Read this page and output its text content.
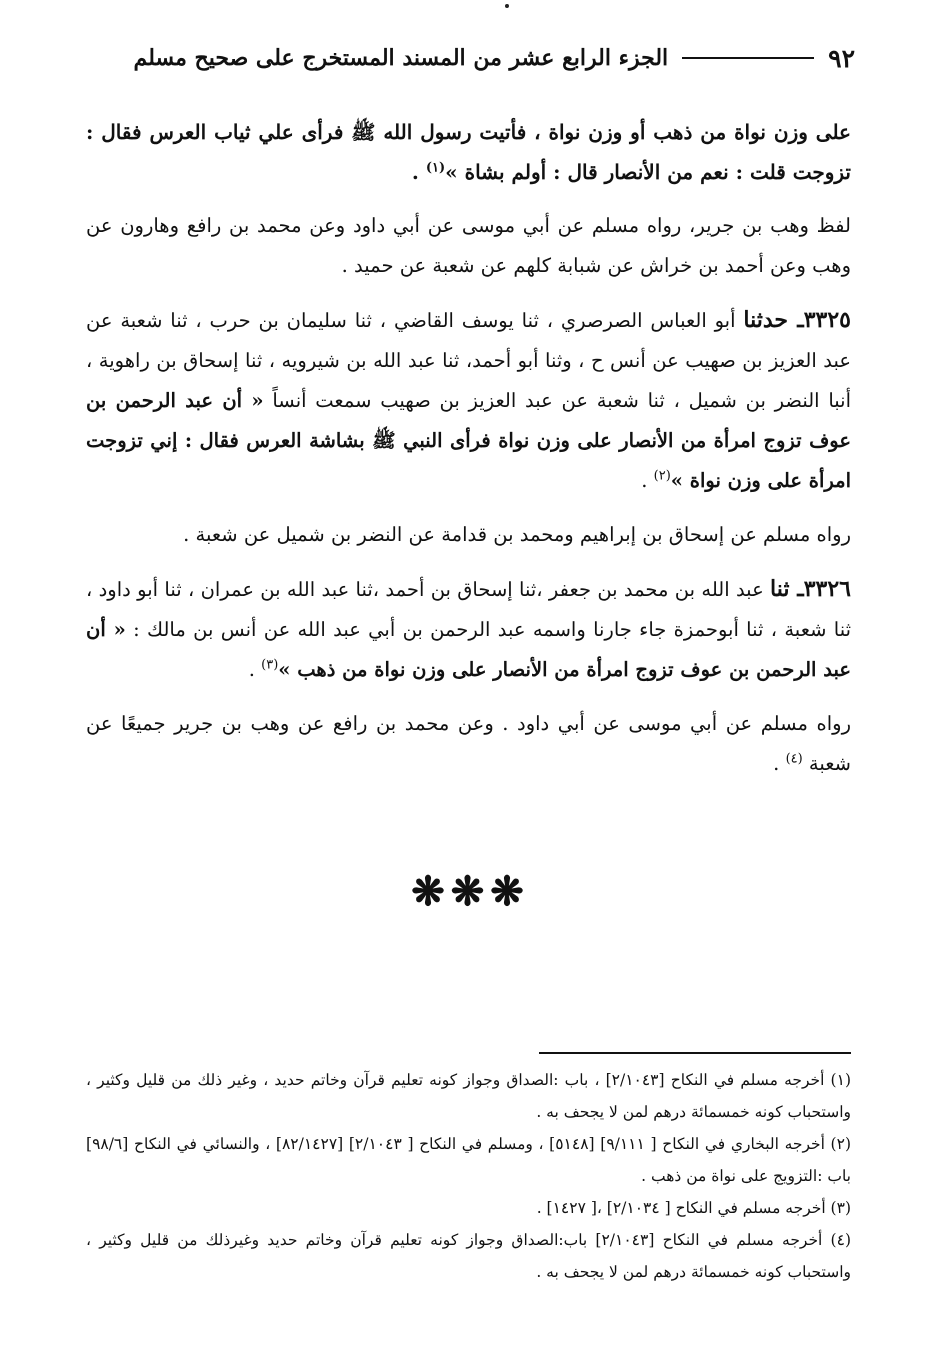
٩٢
الجزء الرابع عشر من المسند المستخرج على صحيح مسلم

على وزن نواة من ذهب أو وزن نواة ، فأتيت رسول الله ﷺ فرأى علي ثياب العرس فقال : تزوجت قلت : نعم من الأنصار قال : أولم بشاة »$^{(١)}$ .

لفظ وهب بن جرير، رواه مسلم عن أبي موسى عن أبي داود وعن محمد بن رافع وهارون عن وهب وعن أحمد بن خراش عن شبابة كلهم عن شعبة عن حميد .

٣٣٢٥ـ حدثنا أبو العباس الصرصري ، ثنا يوسف القاضي ، ثنا سليمان بن حرب ، ثنا شعبة عن عبد العزيز بن صهيب عن أنس ح ، وثنا أبو أحمد، ثنا عبد الله بن شيرويه ، ثنا إسحاق بن راهوية ، أنبا النضر بن شميل ، ثنا شعبة عن عبد العزيز بن صهيب سمعت أنساً « أن عبد الرحمن بن عوف تزوج امرأة من الأنصار على وزن نواة فرأى النبي ﷺ بشاشة العرس فقال : إني تزوجت امرأة على وزن نواة »$^{(٢)}$ .

رواه مسلم عن إسحاق بن إبراهيم ومحمد بن قدامة عن النضر بن شميل عن شعبة .

٣٣٢٦ـ ثنا عبد الله بن محمد بن جعفر ،ثنا إسحاق بن أحمد ،ثنا عبد الله بن عمران ، ثنا أبو داود ، ثنا شعبة ، ثنا أبوحمزة جاء جارنا واسمه عبد الرحمن بن أبي عبد الله عن أنس بن مالك : « أن عبد الرحمن بن عوف تزوج امرأة من الأنصار على وزن نواة من ذهب »$^{(٣)}$ .

رواه مسلم عن أبي موسى عن أبي داود . وعن محمد بن رافع عن وهب بن جرير جميعًا عن شعبة $^{(٤)}$ .

❋❋❋

(١) أخرجه مسلم في النكاح [٢/١٠٤٣] ، باب :الصداق وجواز كونه تعليم قرآن وخاتم حديد ، وغير ذلك من قليل وكثير ، واستحباب كونه خمسمائة درهم لمن لا يجحف به .

(٢) أخرجه البخاري في النكاح [ ٩/١١١] [٥١٤٨] ، ومسلم في النكاح [ ٢/١٠٤٣] [٨٢/١٤٢٧] ، والنسائي في النكاح [٩٨/٦] باب :التزويج على نواة من ذهب .

(٣) أخرجه مسلم في النكاح [ ٢/١٠٣٤] ،[ ١٤٢٧] .

(٤) أخرجه مسلم في النكاح [٢/١٠٤٣] باب:الصداق وجواز كونه تعليم قرآن وخاتم حديد وغيرذلك من قليل وكثير ، واستحباب كونه خمسمائة درهم لمن لا يجحف به .
